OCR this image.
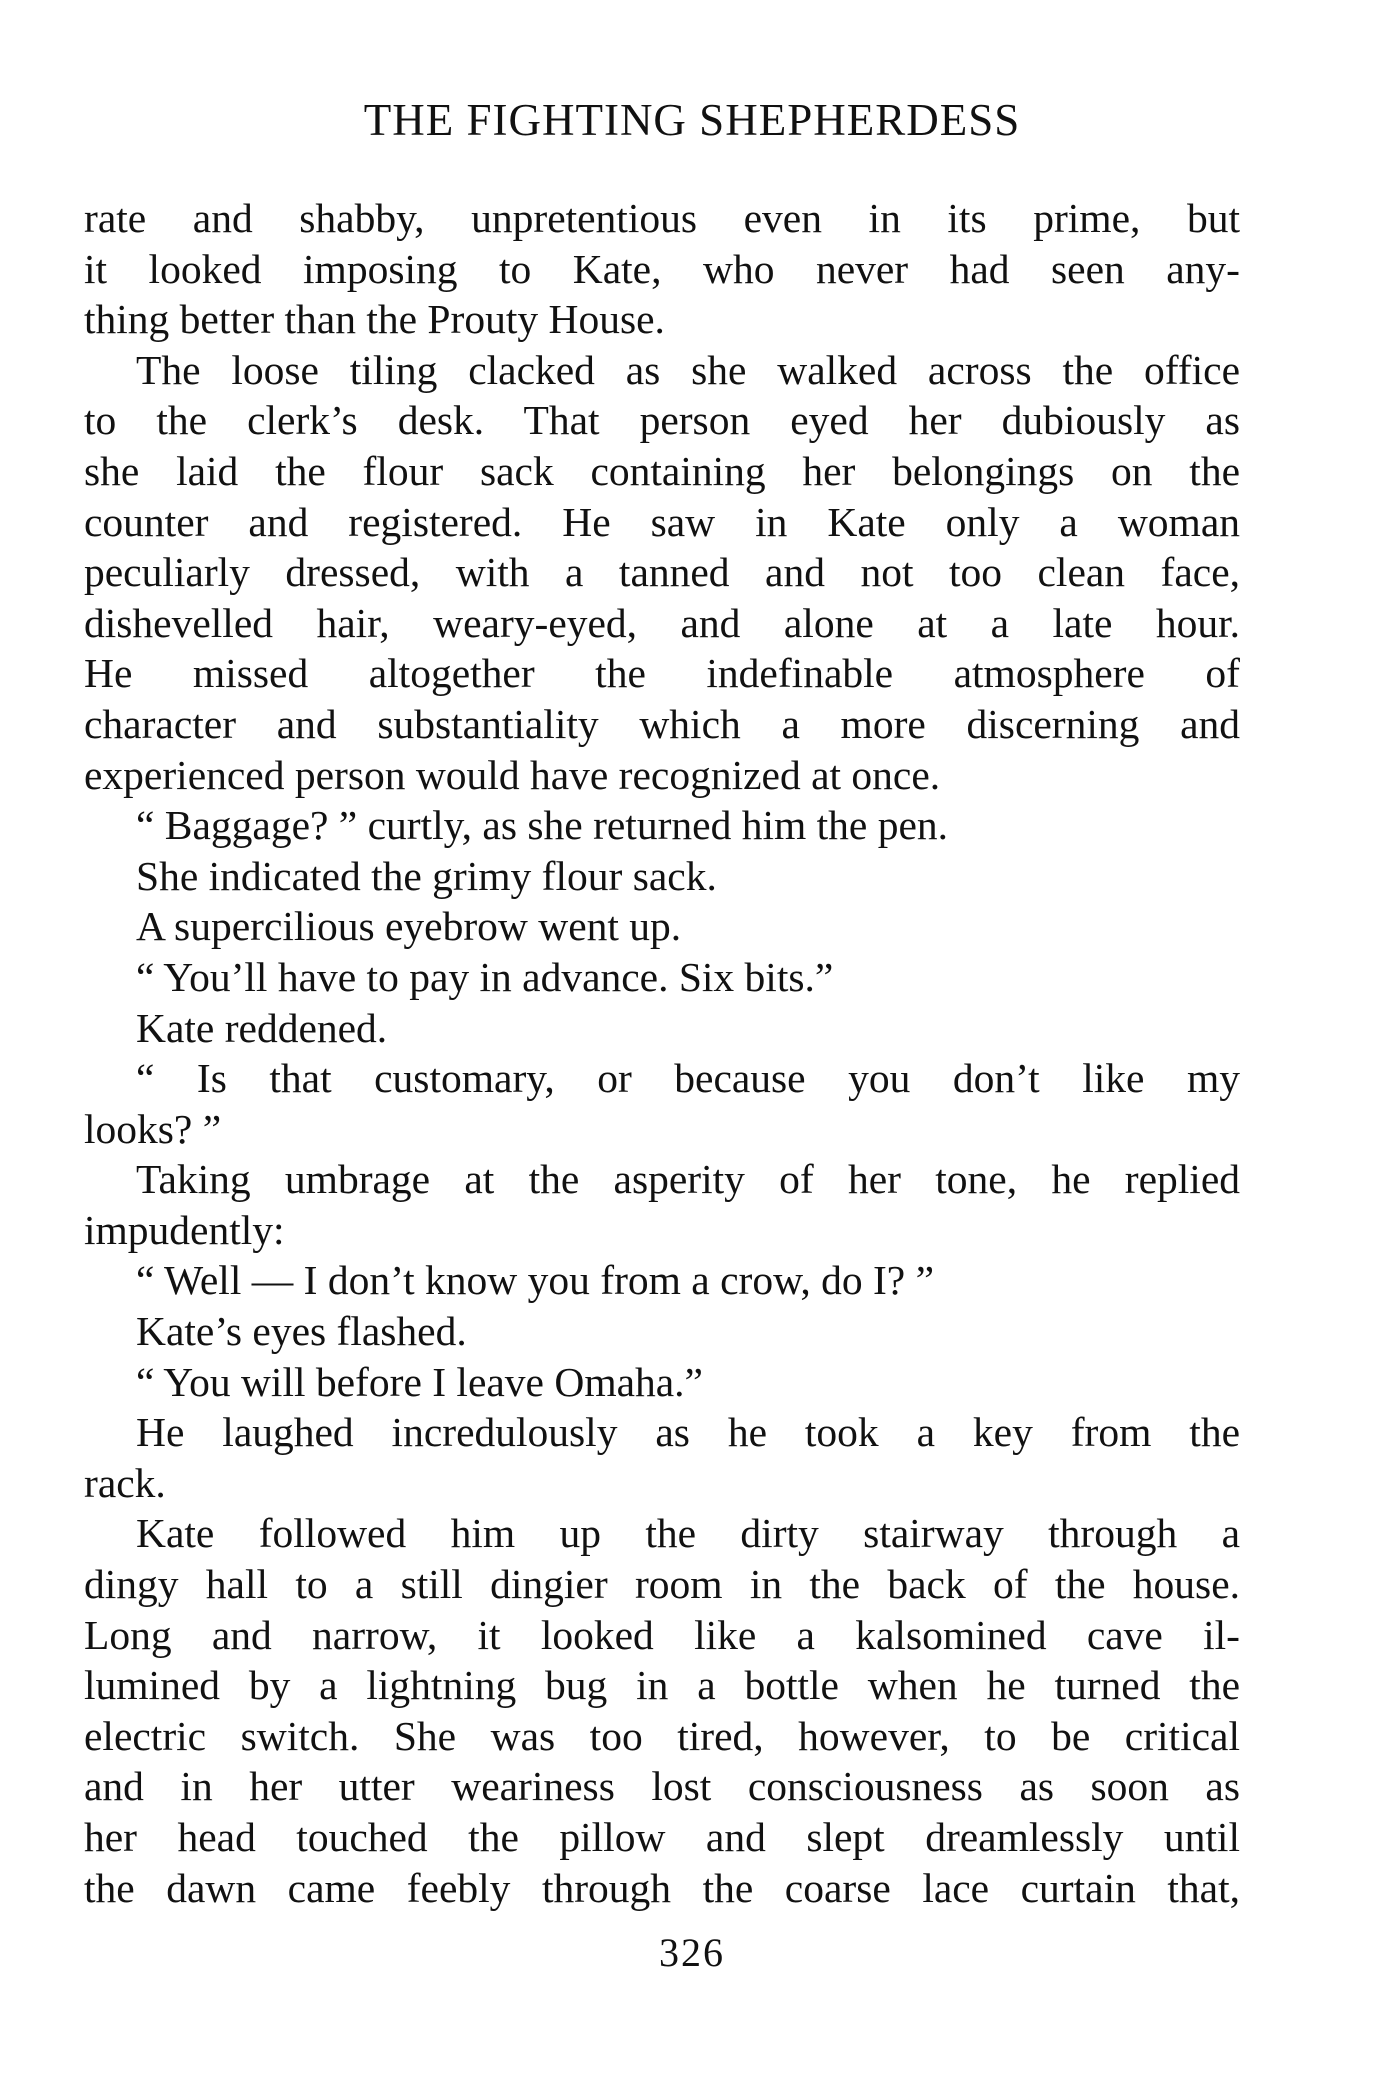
THE FIGHTING SHEPHERDESS
rate and shabby, unpretentious even in its prime, but
it looked imposing to Kate, who never had seen any-
thing better than the Prouty House.
The loose tiling clacked as she walked across the office
to the clerk’s desk. That person eyed her dubiously as
she laid the flour sack containing her belongings on the
counter and registered. He saw in Kate only a woman
peculiarly dressed, with a tanned and not too clean face,
dishevelled hair, weary-eyed, and alone at a late hour.
He missed altogether the indefinable atmosphere of
character and substantiality which a more discerning and
experienced person would have recognized at once.
“ Baggage? ” curtly, as she returned him the pen.
She indicated the grimy flour sack.
A supercilious eyebrow went up.
“ You’ll have to pay in advance. Six bits.”
Kate reddened.
“ Is that customary, or because you don’t like my
looks? ”
Taking umbrage at the asperity of her tone, he replied
impudently:
“ Well — I don’t know you from a crow, do I? ”
Kate’s eyes flashed.
“ You will before I leave Omaha.”
He laughed incredulously as he took a key from the
rack.
Kate followed him up the dirty stairway through a
dingy hall to a still dingier room in the back of the house.
Long and narrow, it looked like a kalsomined cave il-
lumined by a lightning bug in a bottle when he turned the
electric switch. She was too tired, however, to be critical
and in her utter weariness lost consciousness as soon as
her head touched the pillow and slept dreamlessly until
the dawn came feebly through the coarse lace curtain that,
326
